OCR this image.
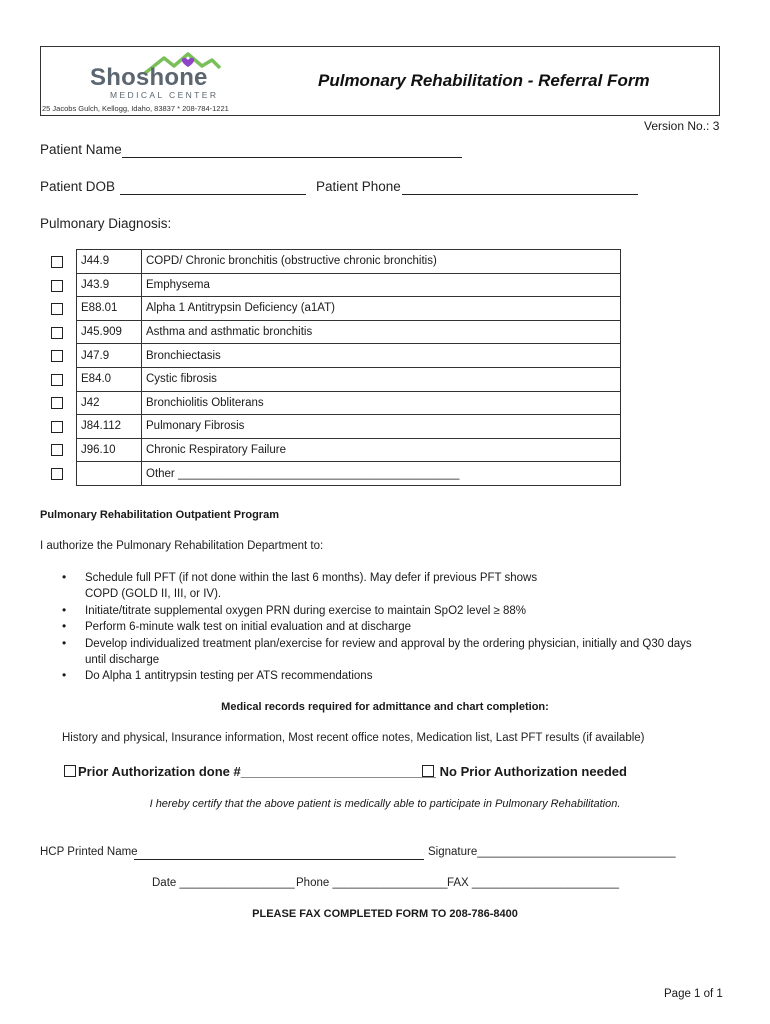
Shoshone
MEDICAL CENTER
25 Jacobs Gulch, Kellogg, Idaho, 83837 * 208-784-1221
Pulmonary Rehabilitation - Referral Form
Version No.: 3
Patient Name
Patient DOB	Patient Phone
Pulmonary Diagnosis:
J44.9	COPD/ Chronic bronchitis (obstructive chronic bronchitis)
J43.9	Emphysema
E88.01	Alpha 1 Antitrypsin Deficiency (a1AT)
J45.909	Asthma and asthmatic bronchitis
J47.9	Bronchiectasis
E84.0	Cystic fibrosis
J42	Bronchiolitis Obliterans
J84.112	Pulmonary Fibrosis
J96.10	Chronic Respiratory Failure
	Other ____________________________________________
Pulmonary Rehabilitation Outpatient Program
I authorize the Pulmonary Rehabilitation Department to:
• Schedule full PFT (if not done within the last 6 months). May defer if previous PFT shows COPD (GOLD II, III, or IV).
• Initiate/titrate supplemental oxygen PRN during exercise to maintain SpO2 level ≥ 88%
• Perform 6-minute walk test on initial evaluation and at discharge
• Develop individualized treatment plan/exercise for review and approval by the ordering physician, initially and Q30 days until discharge
• Do Alpha 1 antitrypsin testing per ATS recommendations
Medical records required for admittance and chart completion:
History and physical, Insurance information, Most recent office notes, Medication list, Last PFT results (if available)
Prior Authorization done #___________________________ No Prior Authorization needed
I hereby certify that the above patient is medically able to participate in Pulmonary Rehabilitation.
HCP Printed Name	Signature_______________________________
Date __________________ Phone __________________ FAX _______________________
PLEASE FAX COMPLETED FORM TO 208-786-8400
Page 1 of 1
